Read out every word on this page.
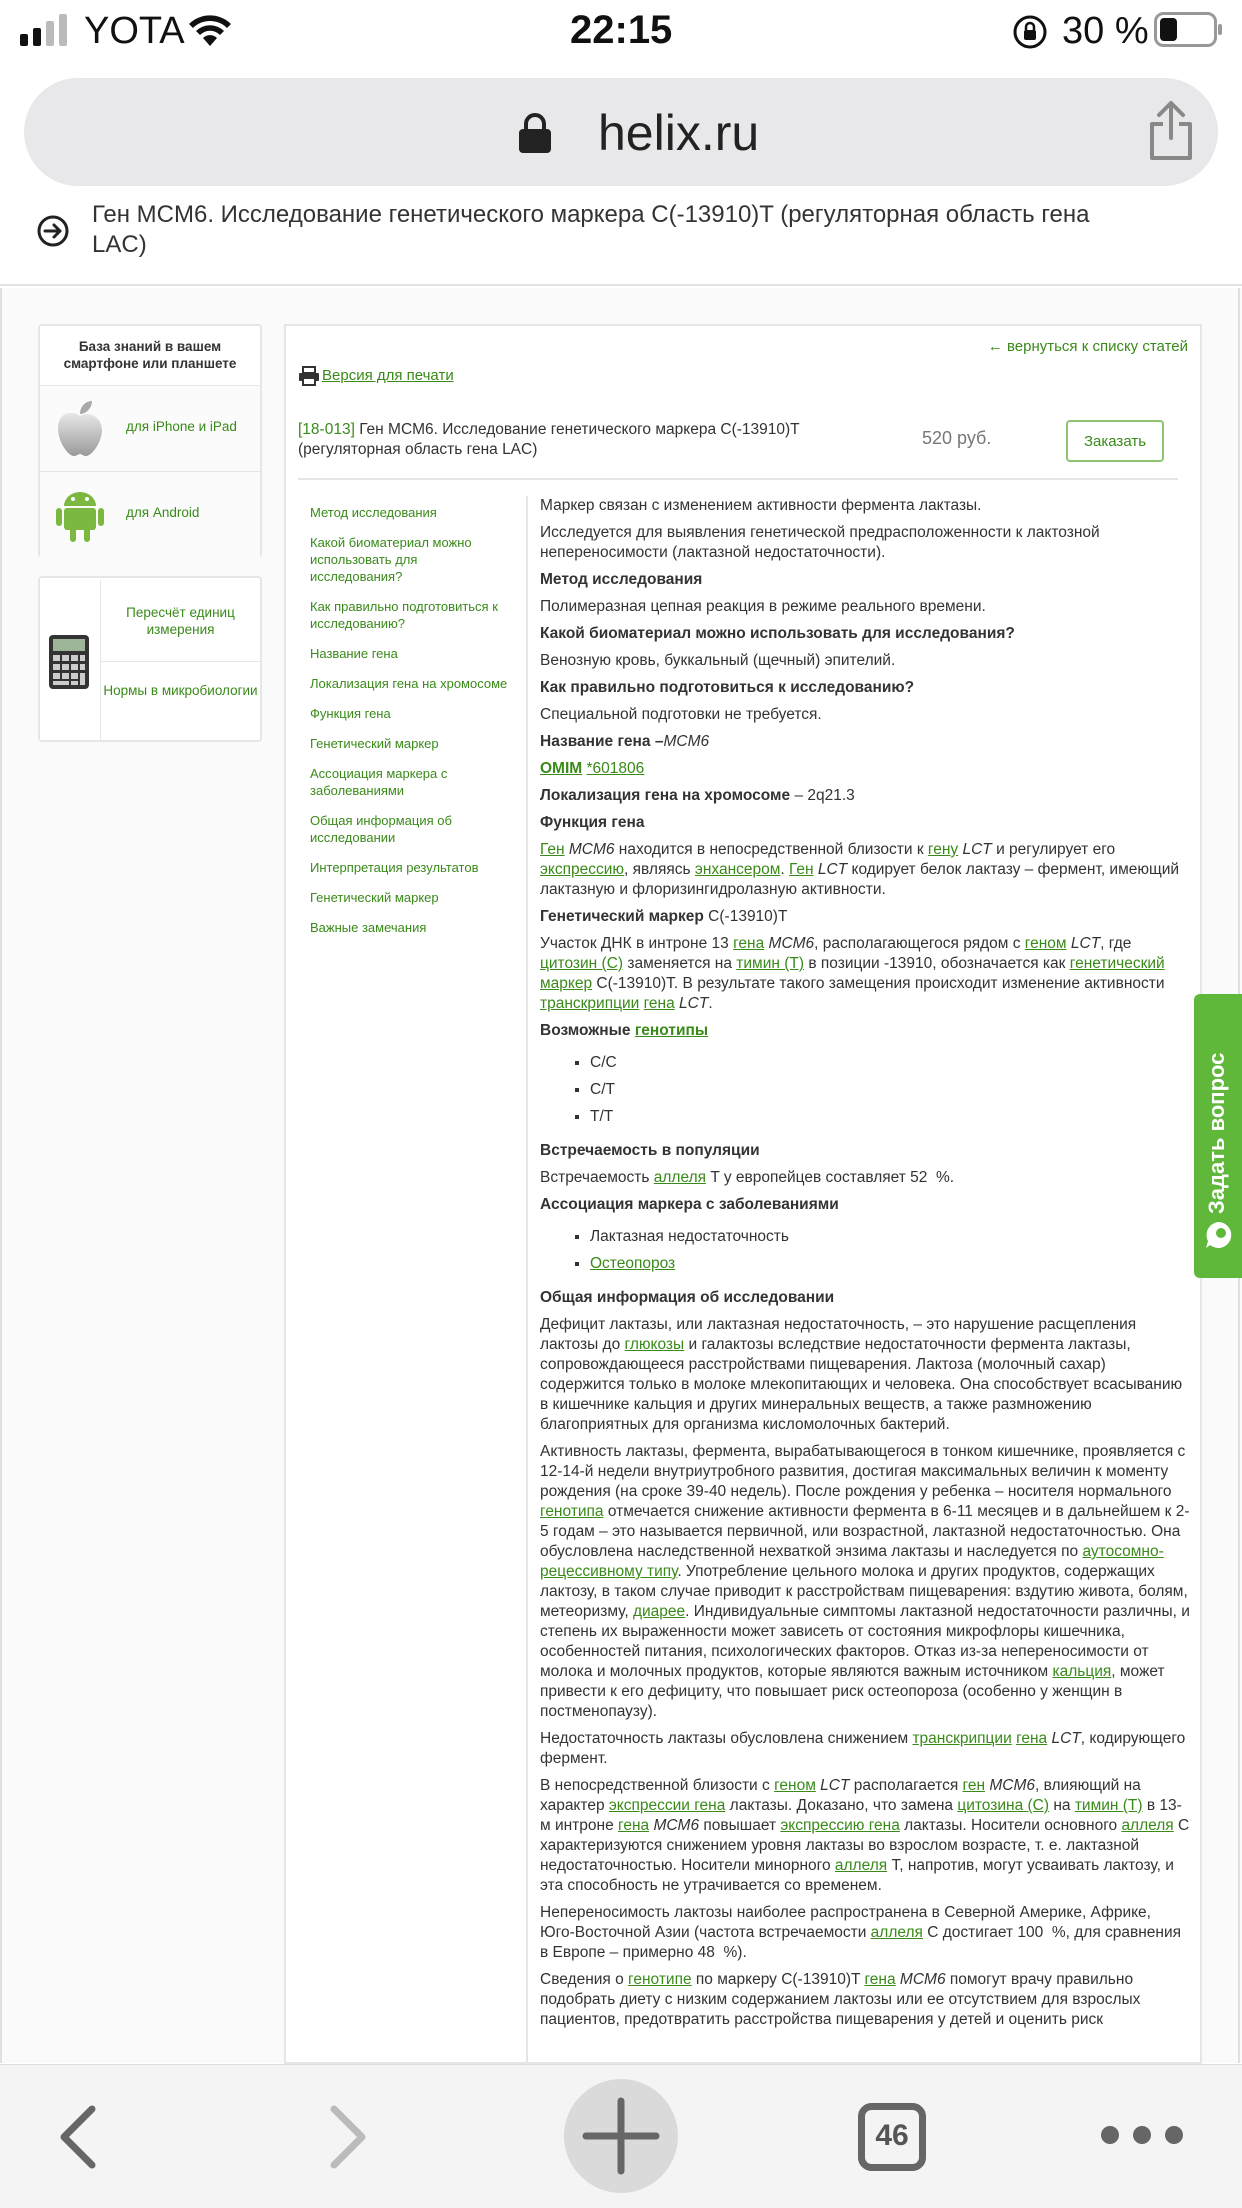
YOTA	22:15	30 %
helix.ru
Ген MCM6. Исследование генетического маркера C(-13910)T (регуляторная область гена LAC)
База знаний в вашем смартфоне или планшете
для iPhone и iPad
для Android
Пересчёт единиц измерения
Нормы в микробиологии
← вернуться к списку статей
Версия для печати
[18-013] Ген MCM6. Исследование генетического маркера C(-13910)T (регуляторная область гена LAC)
520 руб.	Заказать
Метод исследования
Какой биоматериал можно использовать для исследования?
Как правильно подготовиться к исследованию?
Название гена
Локализация гена на хромосоме
Функция гена
Генетический маркер
Ассоциация маркера с заболеваниями
Общая информация об исследовании
Интерпретация результатов
Генетический маркер
Важные замечания

Маркер связан с изменением активности фермента лактазы.

Исследуется для выявления генетической предрасположенности к лактозной непереносимости (лактазной недостаточности).

Метод исследования

Полимеразная цепная реакция в режиме реального времени.

Какой биоматериал можно использовать для исследования?

Венозную кровь, буккальный (щечный) эпителий.

Как правильно подготовиться к исследованию?

Специальной подготовки не требуется.

Название гена –MCM6

OMIM *601806

Локализация гена на хромосоме – 2q21.3

Функция гена

Ген MCM6 находится в непосредственной близости к гену LCT и регулирует его экспрессию, являясь энхансером. Ген LCT кодирует белок лактазу – фермент, имеющий лактазную и флоризингидролазную активности.

Генетический маркер C(-13910)T

Участок ДНК в интроне 13 гена MCM6, располагающегося рядом с геном LCT, где цитозин (C) заменяется на тимин (T) в позиции -13910, обозначается как генетический маркер C(-13910)T. В результате такого замещения происходит изменение активности транскрипции гена LCT.

Возможные генотипы
▪ C/C
▪ C/T
▪ T/T
Встречаемость в популяции

Встречаемость аллеля T у европейцев составляет 52  %.

Ассоциация маркера с заболеваниями
▪ Лактазная недостаточность
▪ Остеопороз
Общая информация об исследовании

Дефицит лактазы, или лактазная недостаточность, – это нарушение расщепления лактозы до глюкозы и галактозы вследствие недостаточности фермента лактазы, сопровождающееся расстройствами пищеварения. Лактоза (молочный сахар) содержится только в молоке млекопитающих и человека. Она способствует всасыванию в кишечнике кальция и других минеральных веществ, а также размножению благоприятных для организма кисломолочных бактерий.

Активность лактазы, фермента, вырабатывающегося в тонком кишечнике, проявляется с 12-14-й недели внутриутробного развития, достигая максимальных величин к моменту рождения (на сроке 39-40 недель). После рождения у ребенка – носителя нормального генотипа отмечается снижение активности фермента в 6-11 месяцев и в дальнейшем к 2-5 годам – это называется первичной, или возрастной, лактазной недостаточностью. Она обусловлена наследственной нехваткой энзима лактазы и наследуется по аутосомно-рецессивному типу. Употребление цельного молока и других продуктов, содержащих лактозу, в таком случае приводит к расстройствам пищеварения: вздутию живота, болям, метеоризму, диарее. Индивидуальные симптомы лактазной недостаточности различны, и степень их выраженности может зависеть от состояния микрофлоры кишечника, особенностей питания, психологических факторов. Отказ из-за непереносимости от молока и молочных продуктов, которые являются важным источником кальция, может привести к его дефициту, что повышает риск остеопороза (особенно у женщин в постменопаузу).

Недостаточность лактазы обусловлена снижением транскрипции гена LCT, кодирующего фермент.

В непосредственной близости с геном LCT располагается ген MCM6, влияющий на характер экспрессии гена лактазы. Доказано, что замена цитозина (C) на тимин (T) в 13-м интроне гена MCM6 повышает экспрессию гена лактазы. Носители основного аллеля C характеризуются снижением уровня лактазы во взрослом возрасте, т. е. лактазной недостаточностью. Носители минорного аллеля T, напротив, могут усваивать лактозу, и эта способность не утрачивается со временем.

Непереносимость лактозы наиболее распространена в Северной Америке, Африке, Юго-Восточной Азии (частота встречаемости аллеля C достигает 100  %, для сравнения в Европе – примерно 48  %).

Сведения о генотипе по маркеру C(-13910)T гена MCM6 помогут врачу правильно подобрать диету с низким содержанием лактозы или ее отсутствием для взрослых пациентов, предотвратить расстройства пищеварения у детей и оценить риск

Задать вопрос
46
